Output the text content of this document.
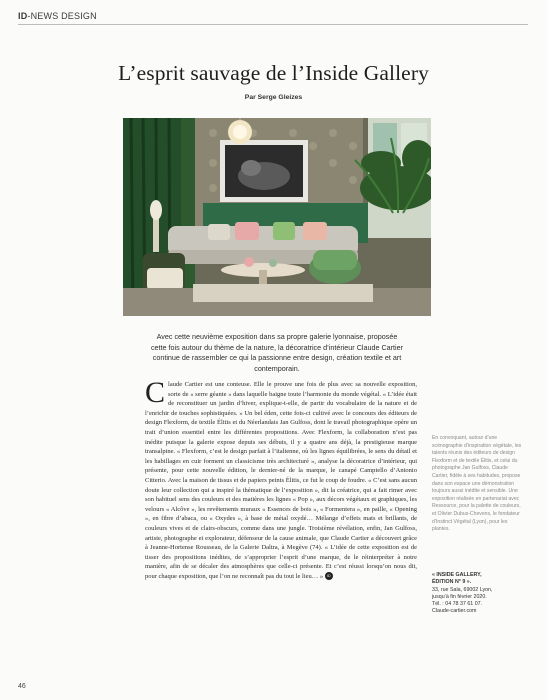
ID-NEWS DESIGN
L’esprit sauvage de l’Inside Gallery
Par Serge Gleizes
Avec cette neuvième exposition dans sa propre galerie lyonnaise, proposée cette fois autour du thème de la nature, la décoratrice d’intérieur Claude Cartier continue de rassembler ce qui la passionne entre design, création textile et art contemporain.
C laude Cartier est une conteuse. Elle le prouve une fois de plus avec sa nouvelle exposition, sorte de « serre géante » dans laquelle baigne toute l’harmonie du monde végétal. « L’idée était de reconstituer un jardin d’hiver, explique-t-elle, de partir du vocabulaire de la nature et de l’enrichir de touches sophistiquées. » Un bel éden, cette fois-ci cultivé avec le concours des éditeurs de design Flexform, de textile Élitis et du Néerlandais Jan Gulfoss, dont le travail photographique opère un trait d’union essentiel entre les différentes propositions. Avec Flexform, la collaboration n’est pas inédite puisque la galerie expose depuis ses débuts, il y a quatre ans déjà, la prestigieuse marque transalpine. « Flexform, c’est le design parfait à l’italienne, où les lignes équilibrées, le sens du détail et les habillages en cuir forment un classicisme très architecturé », analyse la décoratrice d’intérieur, qui présente, pour cette nouvelle édition, le dernier-né de la marque, le canapé Campiello d’Antonio Citterio. Avec la maison de tissus et de papiers peints Élitis, ce fut le coup de foudre. « C’est sans aucun doute leur collection qui a inspiré la thématique de l’exposition », dit la créatrice, qui a fait rimer avec son habituel sens des couleurs et des matières les lignes « Pop », aux décors végétaux et graphiques, les velours « Alcôve », les revêtements muraux « Essences de bois », « Formentera », en paille, « Opening », en fibre d’abaca, ou « Oxydes », à base de métal oxydé… Mélange d’effets mats et brillants, de couleurs vives et de clairs-obscurs, comme dans une jungle. Troisième révélation, enfin, Jan Gulfoss, artiste, photographe et explorateur, défenseur de la cause animale, que Claude Cartier a découvert grâce à Jeanne-Hortense Rousseau, de la Galerie Daltra, à Megève (74). « L’idée de cette exposition est de tisser des propositions inédites, de s’approprier l’esprit d’une marque, de le réinterpréter à notre manière, afin de se décaler des atmosphères que celle-ci présente. Et c’est réussi lorsqu’on nous dit, pour chaque exposition, que l’on ne reconnaît pas du tout le lieu… » ID

En convoquant, autour d’une scénographie d’inspiration végétale, les talents réunis des éditeurs de design Flexform et de textile Élitis, et celui du photographe Jan Gulfoss, Claude Cartier, fidèle à ses habitudes, propose dans son espace une démonstration toujours aussi inédite et sensible. Une exposition réalisée en partenariat avec Ressource, pour la palette de couleurs, et Olivier Dubus-Chevens, le fondateur d’Instinct Végétal (Lyon), pour les plantes.
« INSIDE GALLERY,
ÉDITION N° 9 ».
33, rue Sala, 69002 Lyon,
jusqu’à fin février 2020.
Tél. : 04 78 37 61 07.
Claude-cartier.com
46
